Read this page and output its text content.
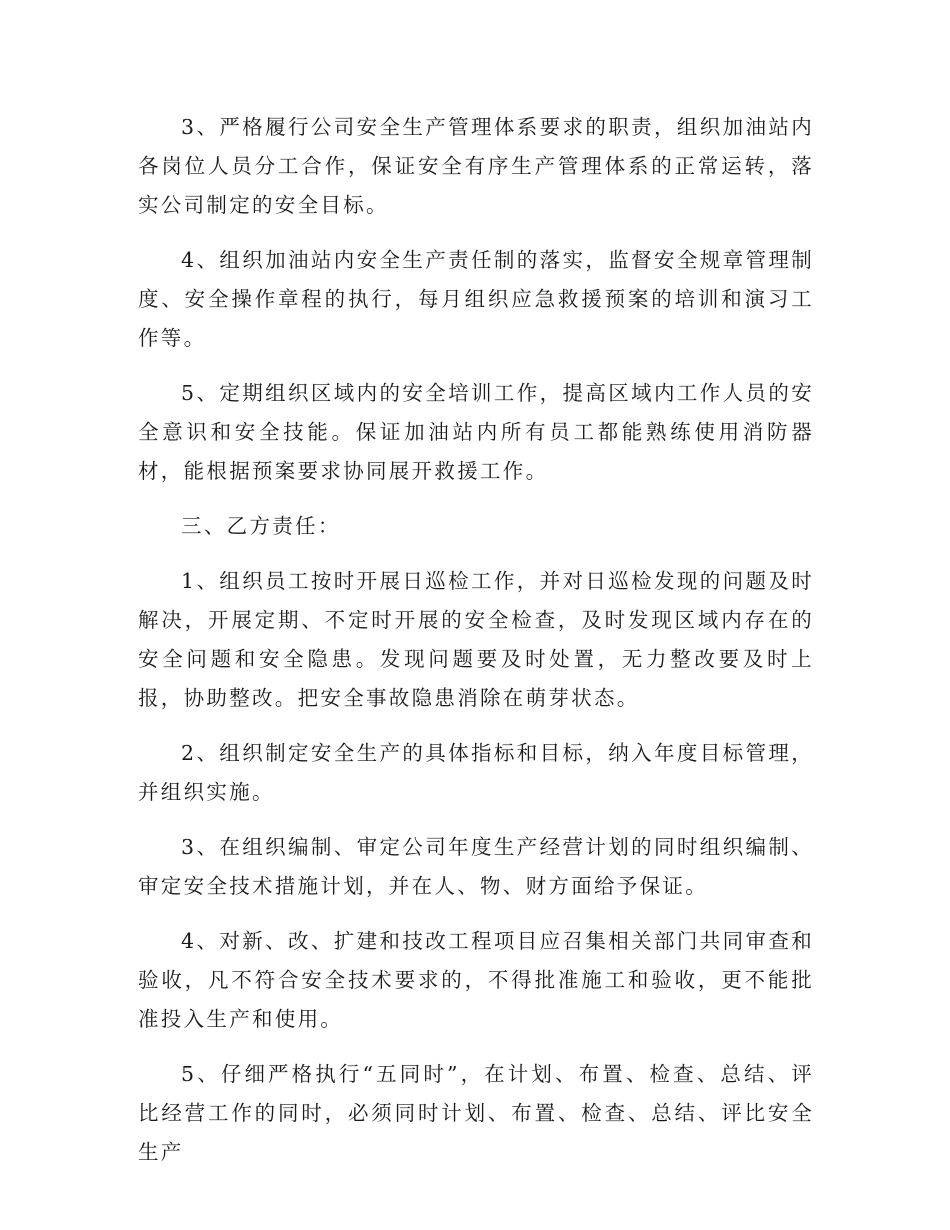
3、严格履行公司安全生产管理体系要求的职责，组织加油站内各岗位人员分工合作，保证安全有序生产管理体系的正常运转，落实公司制定的安全目标。

4、组织加油站内安全生产责任制的落实，监督安全规章管理制度、安全操作章程的执行，每月组织应急救援预案的培训和演习工作等。

5、定期组织区域内的安全培训工作，提高区域内工作人员的安全意识和安全技能。保证加油站内所有员工都能熟练使用消防器材，能根据预案要求协同展开救援工作。

三、乙方责任：

1、组织员工按时开展日巡检工作，并对日巡检发现的问题及时解决，开展定期、不定时开展的安全检查，及时发现区域内存在的安全问题和安全隐患。发现问题要及时处置，无力整改要及时上报，协助整改。把安全事故隐患消除在萌芽状态。

2、组织制定安全生产的具体指标和目标，纳入年度目标管理，并组织实施。

3、在组织编制、审定公司年度生产经营计划的同时组织编制、审定安全技术措施计划，并在人、物、财方面给予保证。

4、对新、改、扩建和技改工程项目应召集相关部门共同审查和验收，凡不符合安全技术要求的，不得批准施工和验收，更不能批准投入生产和使用。

5、仔细严格执行“五同时”，在计划、布置、检查、总结、评比经营工作的同时，必须同时计划、布置、检查、总结、评比安全生产
